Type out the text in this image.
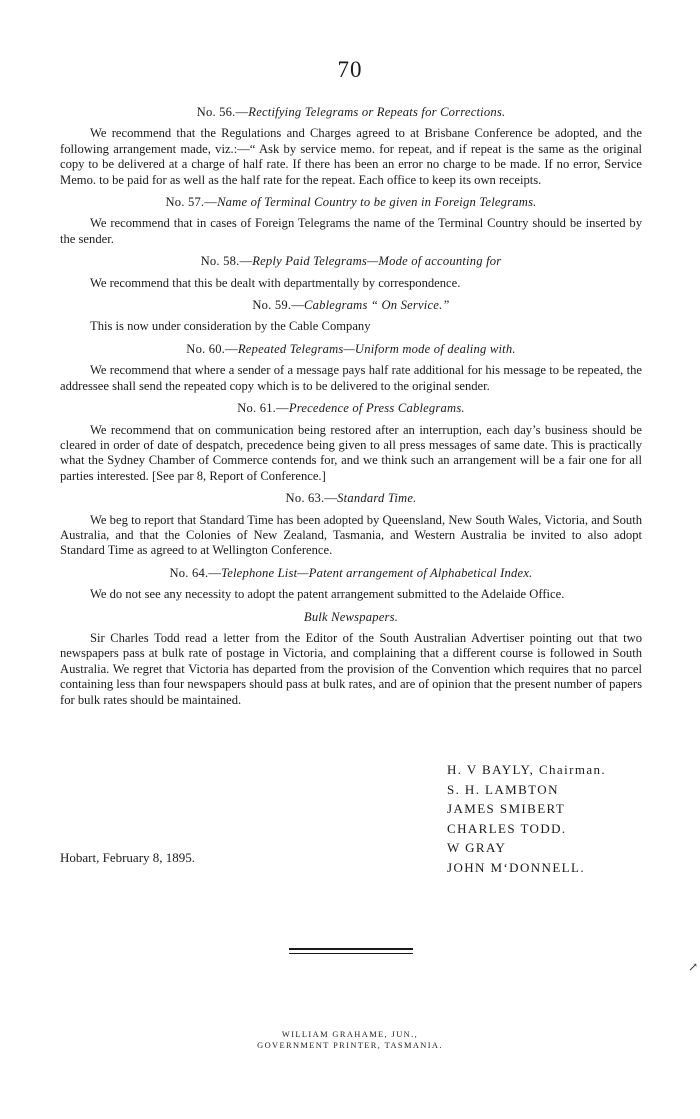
70
No. 56.—Rectifying Telegrams or Repeats for Corrections.

We recommend that the Regulations and Charges agreed to at Brisbane Conference be adopted, and the following arrangement made, viz.:—“ Ask by service memo. for repeat, and if repeat is the same as the original copy to be delivered at a charge of half rate. If there has been an error no charge to be made. If no error, Service Memo. to be paid for as well as the half rate for the repeat. Each office to keep its own receipts.

No. 57.—Name of Terminal Country to be given in Foreign Telegrams.

We recommend that in cases of Foreign Telegrams the name of the Terminal Country should be inserted by the sender.

No. 58.—Reply Paid Telegrams—Mode of accounting for

We recommend that this be dealt with departmentally by correspondence.

No. 59.—Cablegrams “ On Service.”

This is now under consideration by the Cable Company

No. 60.—Repeated Telegrams—Uniform mode of dealing with.

We recommend that where a sender of a message pays half rate additional for his message to be repeated, the addressee shall send the repeated copy which is to be delivered to the original sender.

No. 61.—Precedence of Press Cablegrams.

We recommend that on communication being restored after an interruption, each day’s business should be cleared in order of date of despatch, precedence being given to all press messages of same date. This is practically what the Sydney Chamber of Commerce contends for, and we think such an arrangement will be a fair one for all parties interested. [See par 8, Report of Conference.]

No. 63.—Standard Time.

We beg to report that Standard Time has been adopted by Queensland, New South Wales, Victoria, and South Australia, and that the Colonies of New Zealand, Tasmania, and Western Australia be invited to also adopt Standard Time as agreed to at Wellington Conference.

No. 64.—Telephone List—Patent arrangement of Alphabetical Index.

We do not see any necessity to adopt the patent arrangement submitted to the Adelaide Office.

Bulk Newspapers.

Sir Charles Todd read a letter from the Editor of the South Australian Advertiser pointing out that two newspapers pass at bulk rate of postage in Victoria, and complaining that a different course is followed in South Australia. We regret that Victoria has departed from the provision of the Convention which requires that no parcel containing less than four newspapers should pass at bulk rates, and are of opinion that the present number of papers for bulk rates should be maintained.

H. V BAYLY, Chairman.
S. H. LAMBTON
JAMES SMIBERT
CHARLES TODD.
W GRAY
JOHN M‘DONNELL.
Hobart, February 8, 1895.
WILLIAM GRAHAME, JUN.,
GOVERNMENT PRINTER, TASMANIA.
↗
